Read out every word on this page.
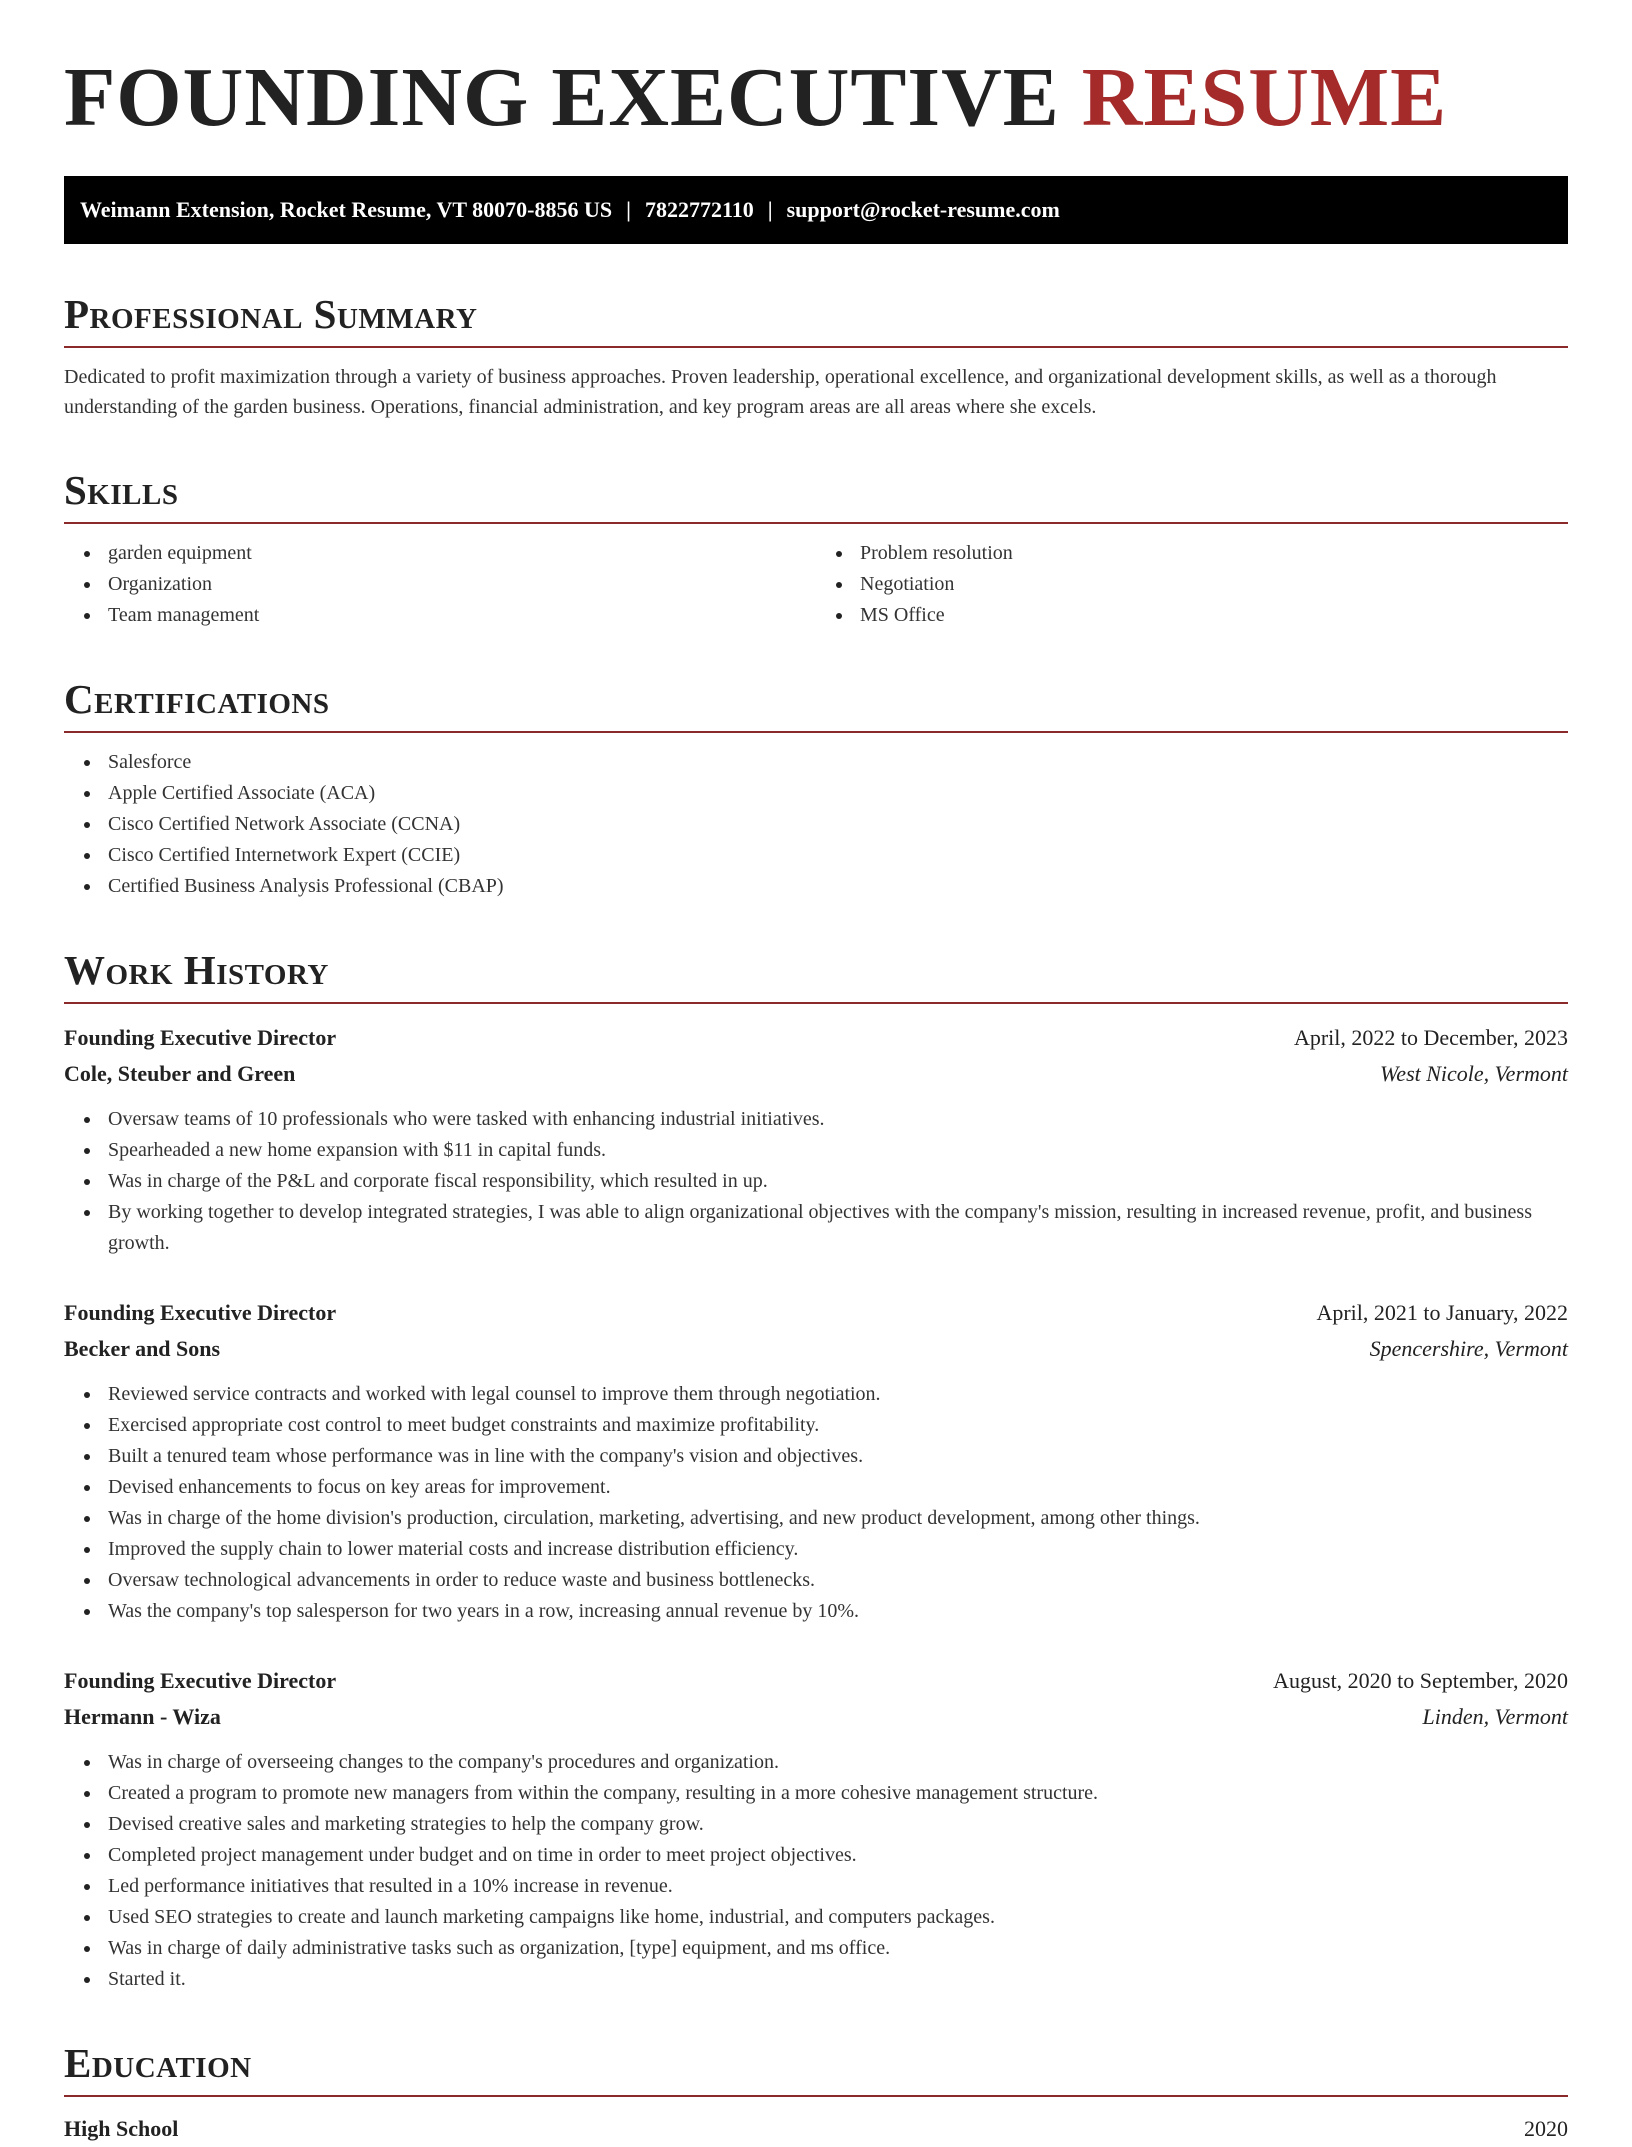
FOUNDING EXECUTIVE RESUME
Weimann Extension, Rocket Resume, VT 80070-8856 US | 7822772110 | support@rocket-resume.com
Professional Summary

Dedicated to profit maximization through a variety of business approaches. Proven leadership, operational excellence, and organizational development skills, as well as a thorough understanding of the garden business. Operations, financial administration, and key program areas are all areas where she excels.

Skills
garden equipment
Organization
Team management
Problem resolution
Negotiation
MS Office
Certifications
Salesforce
Apple Certified Associate (ACA)
Cisco Certified Network Associate (CCNA)
Cisco Certified Internetwork Expert (CCIE)
Certified Business Analysis Professional (CBAP)
Work History
Founding Executive Director	April, 2022 to December, 2023
Cole, Steuber and Green	West Nicole, Vermont
Oversaw teams of 10 professionals who were tasked with enhancing industrial initiatives.
Spearheaded a new home expansion with $11 in capital funds.
Was in charge of the P&L and corporate fiscal responsibility, which resulted in up.
By working together to develop integrated strategies, I was able to align organizational objectives with the company's mission, resulting in increased revenue, profit, and business growth.
Founding Executive Director	April, 2021 to January, 2022
Becker and Sons	Spencershire, Vermont
Reviewed service contracts and worked with legal counsel to improve them through negotiation.
Exercised appropriate cost control to meet budget constraints and maximize profitability.
Built a tenured team whose performance was in line with the company's vision and objectives.
Devised enhancements to focus on key areas for improvement.
Was in charge of the home division's production, circulation, marketing, advertising, and new product development, among other things.
Improved the supply chain to lower material costs and increase distribution efficiency.
Oversaw technological advancements in order to reduce waste and business bottlenecks.
Was the company's top salesperson for two years in a row, increasing annual revenue by 10%.
Founding Executive Director	August, 2020 to September, 2020
Hermann - Wiza	Linden, Vermont
Was in charge of overseeing changes to the company's procedures and organization.
Created a program to promote new managers from within the company, resulting in a more cohesive management structure.
Devised creative sales and marketing strategies to help the company grow.
Completed project management under budget and on time in order to meet project objectives.
Led performance initiatives that resulted in a 10% increase in revenue.
Used SEO strategies to create and launch marketing campaigns like home, industrial, and computers packages.
Was in charge of daily administrative tasks such as organization, [type] equipment, and ms office.
Started it.
Education
High School	2020
